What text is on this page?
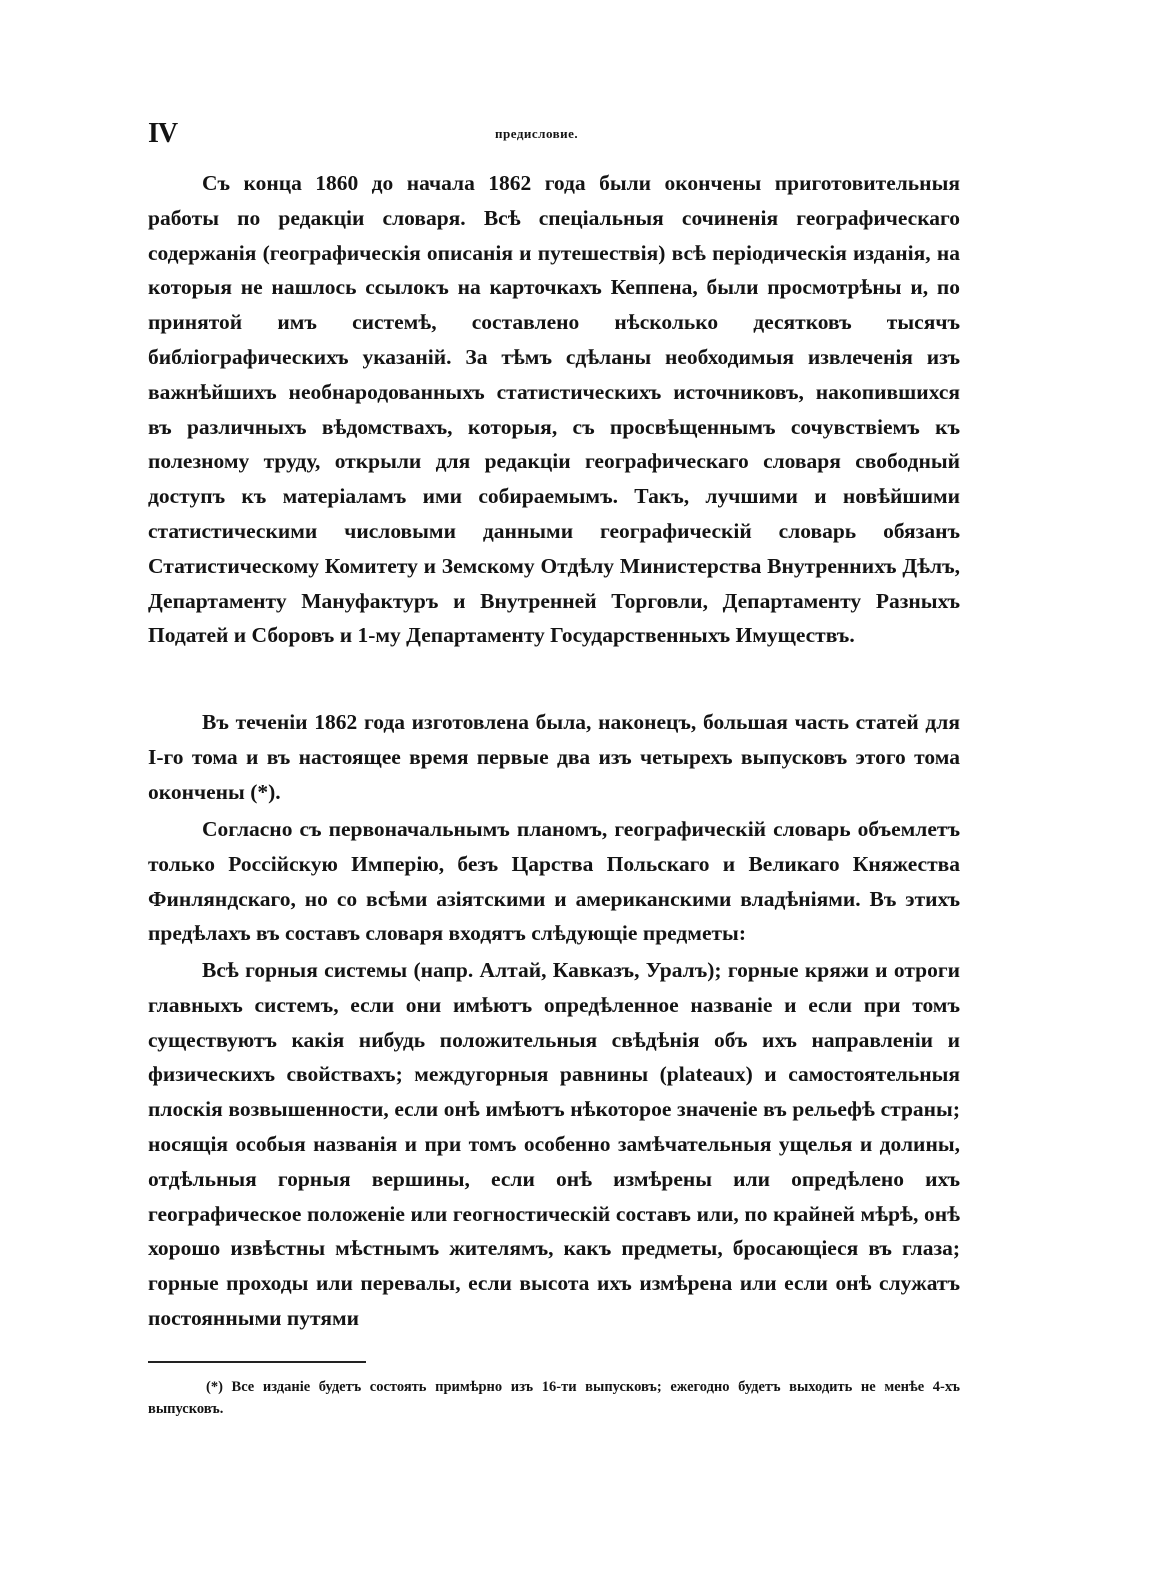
IV	предисловие.

Съ конца 1860 до начала 1862 года были окончены приготовительныя работы по редакціи словаря. Всѣ спеціальныя сочиненія географическаго содержанія (географическія описанія и путешествія) всѣ періодическія изданія, на которыя не нашлось ссылокъ на карточкахъ Кеппена, были просмотрѣны и, по принятой имъ системѣ, составлено нѣсколько десятковъ тысячъ библіографическихъ указаній. За тѣмъ сдѣланы необходимыя извлеченія изъ важнѣйшихъ необнародованныхъ статистическихъ источниковъ, накопившихся въ различныхъ вѣдомствахъ, которыя, съ просвѣщеннымъ сочувствіемъ къ полезному труду, открыли для редакціи географическаго словаря свободный доступъ къ матеріаламъ ими собираемымъ. Такъ, лучшими и новѣйшими статистическими числовыми данными географическій словарь обязанъ Статистическому Комитету и Земскому Отдѣлу Министерства Внутреннихъ Дѣлъ, Департаменту Мануфактуръ и Внутренней Торговли, Департаменту Разныхъ Податей и Сборовъ и 1-му Департаменту Государственныхъ Имуществъ.

Въ теченіи 1862 года изготовлена была, наконецъ, большая часть статей для І-го тома и въ настоящее время первые два изъ четырехъ выпусковъ этого тома окончены (*).

Согласно съ первоначальнымъ планомъ, географическій словарь объемлетъ только Россійскую Имперію, безъ Царства Польскаго и Великаго Княжества Финляндскаго, но со всѣми азіятскими и американскими владѣніями. Въ этихъ предѣлахъ въ составъ словаря входятъ слѣдующіе предметы:

Всѣ горныя системы (напр. Алтай, Кавказъ, Уралъ); горные кряжи и отроги главныхъ системъ, если они имѣютъ опредѣленное названіе и если при томъ существуютъ какія нибудь положительныя свѣдѣнія объ ихъ направленіи и физическихъ свойствахъ; междугорныя равнины (plateaux) и самостоятельныя плоскія возвышенности, если онѣ имѣютъ нѣкоторое значеніе въ рельефѣ страны; носящія особыя названія и при томъ особенно замѣчательныя ущелья и долины, отдѣльныя горныя вершины, если онѣ измѣрены или опредѣлено ихъ географическое положеніе или геогностическій составъ или, по крайней мѣрѣ, онѣ хорошо извѣстны мѣстнымъ жителямъ, какъ предметы, бросающіеся въ глаза; горные проходы или перевалы, если высота ихъ измѣрена или если онѣ служатъ постоянными путями

(*) Все изданіе будетъ состоять примѣрно изъ 16-ти выпусковъ; ежегодно будетъ выходить не менѣе 4-хъ выпусковъ.
